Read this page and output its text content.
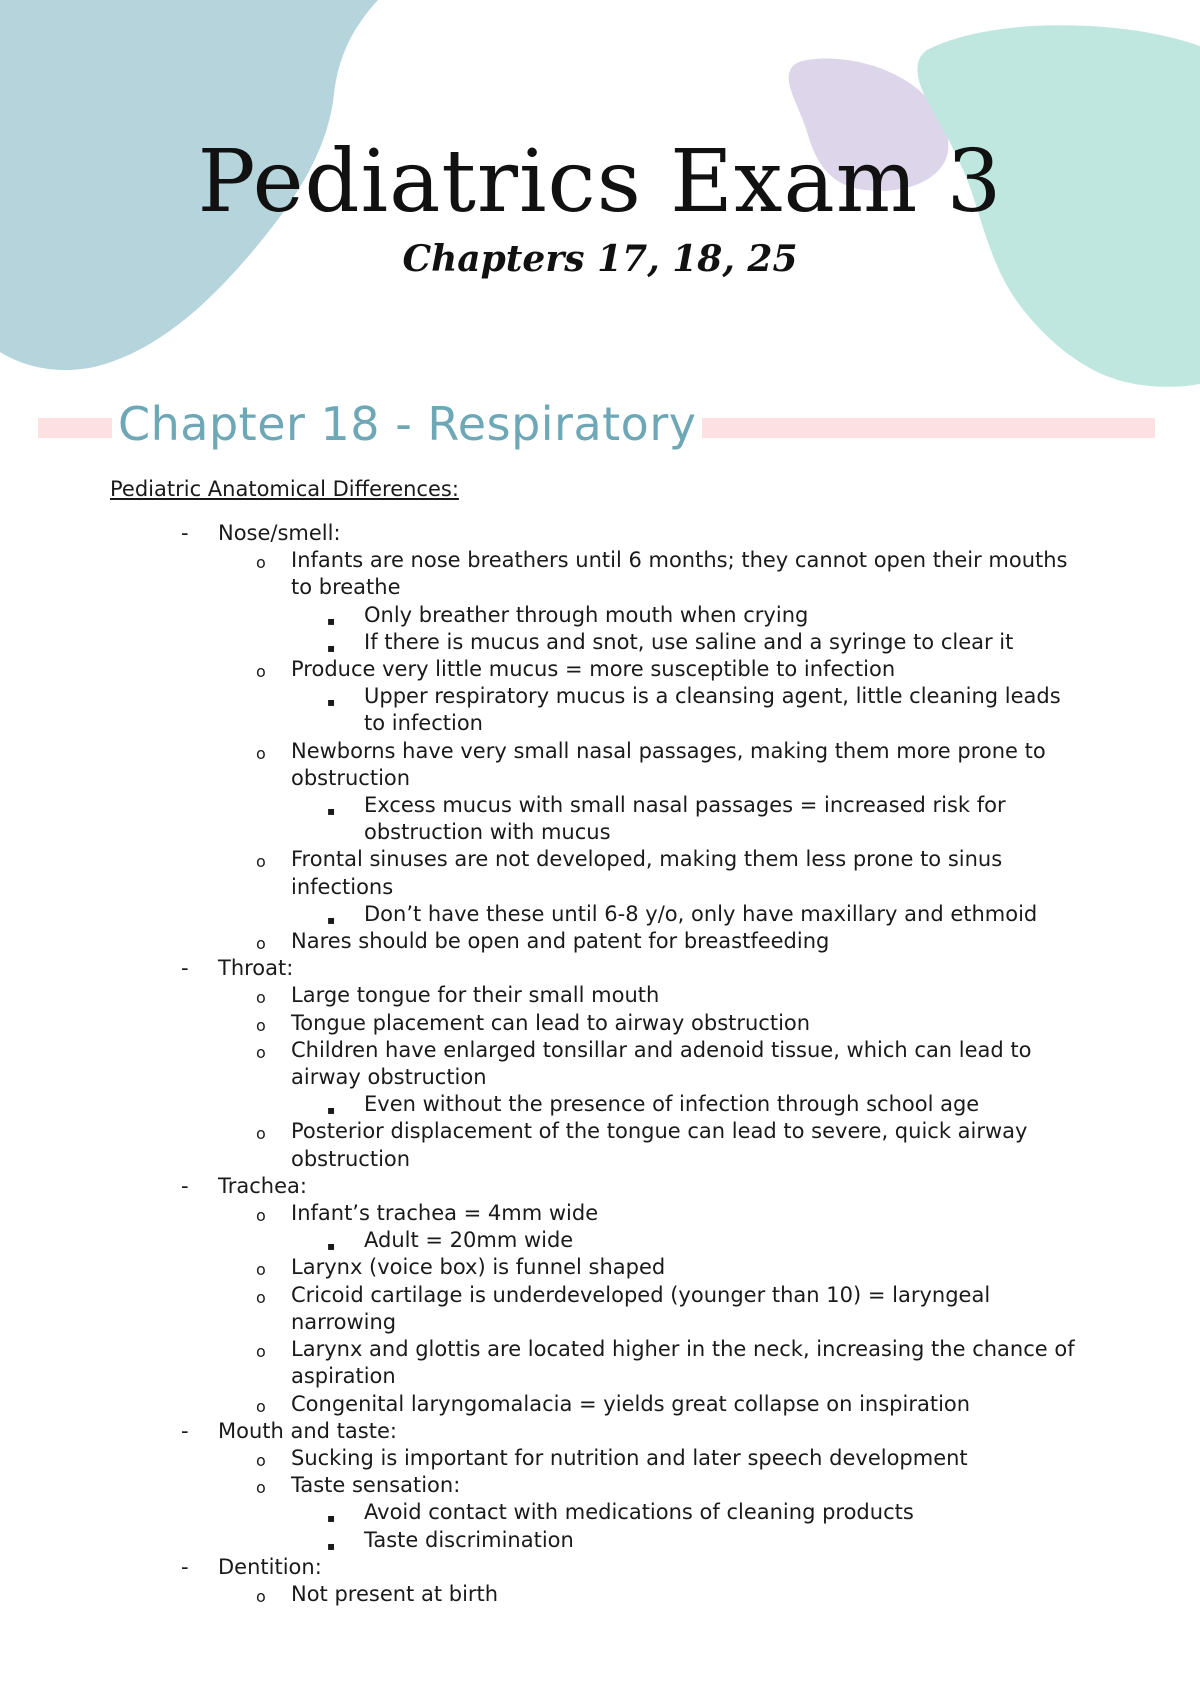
Pediatrics Exam 3
Chapters 17, 18, 25
Chapter 18 - Respiratory
Pediatric Anatomical Differences:
- Nose/smell:
o Infants are nose breathers until 6 months; they cannot open their mouths to breathe
▪ Only breather through mouth when crying
▪ If there is mucus and snot, use saline and a syringe to clear it
o Produce very little mucus = more susceptible to infection
▪ Upper respiratory mucus is a cleansing agent, little cleaning leads to infection
o Newborns have very small nasal passages, making them more prone to obstruction
▪ Excess mucus with small nasal passages = increased risk for obstruction with mucus
o Frontal sinuses are not developed, making them less prone to sinus infections
▪ Don’t have these until 6-8 y/o, only have maxillary and ethmoid
o Nares should be open and patent for breastfeeding
- Throat:
o Large tongue for their small mouth
o Tongue placement can lead to airway obstruction
o Children have enlarged tonsillar and adenoid tissue, which can lead to airway obstruction
▪ Even without the presence of infection through school age
o Posterior displacement of the tongue can lead to severe, quick airway obstruction
- Trachea:
o Infant’s trachea = 4mm wide
▪ Adult = 20mm wide
o Larynx (voice box) is funnel shaped
o Cricoid cartilage is underdeveloped (younger than 10) = laryngeal narrowing
o Larynx and glottis are located higher in the neck, increasing the chance of aspiration
o Congenital laryngomalacia = yields great collapse on inspiration
- Mouth and taste:
o Sucking is important for nutrition and later speech development
o Taste sensation:
▪ Avoid contact with medications of cleaning products
▪ Taste discrimination
- Dentition:
o Not present at birth
